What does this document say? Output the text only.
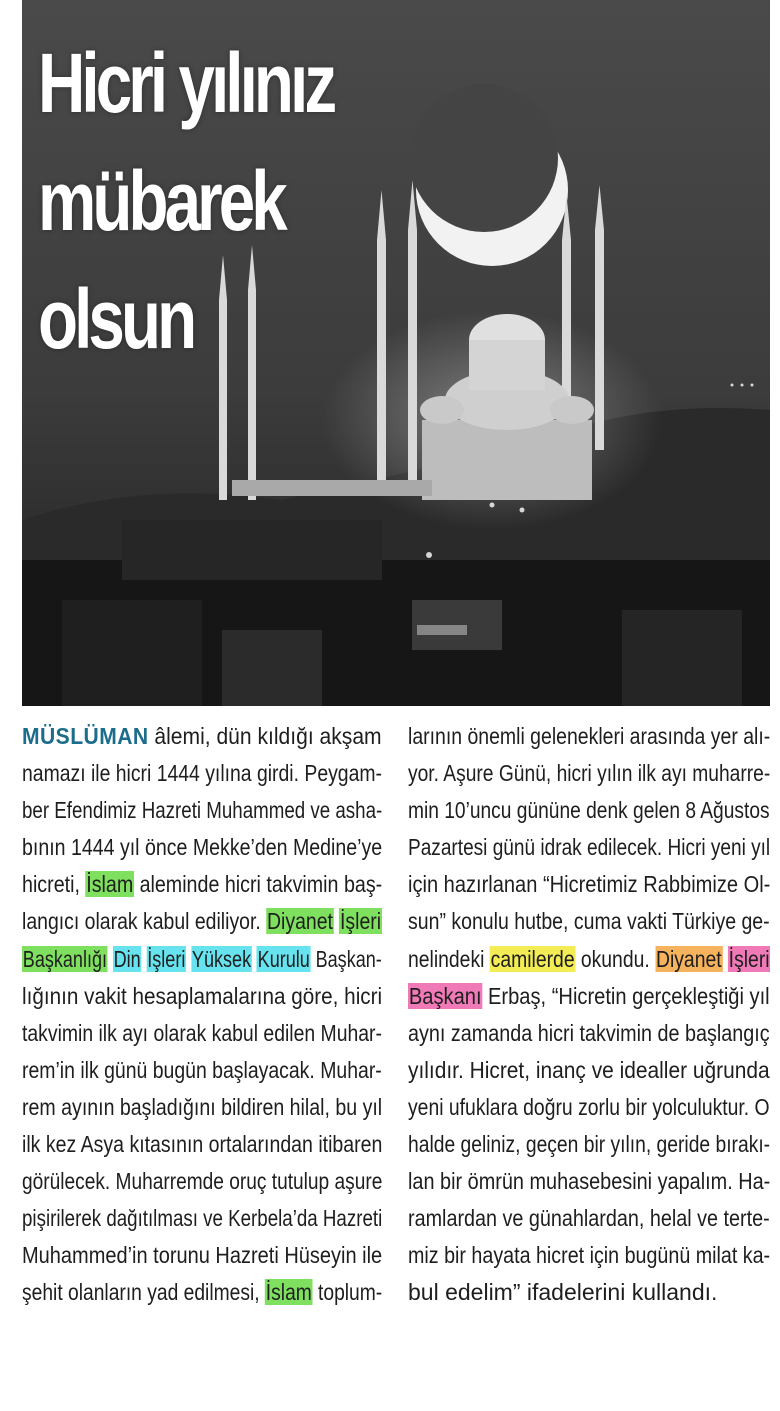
Hicri yılınız
mübarek
olsun
MÜSLÜMAN âlemi, dün kıldığı akşam
namazı ile hicri 1444 yılına girdi. Peygam-
ber Efendimiz Hazreti Muhammed ve asha-
bının 1444 yıl önce Mekke’den Medine’ye
hicreti, İslam aleminde hicri takvimin baş-
langıcı olarak kabul ediliyor. Diyanet İşleri
Başkanlığı Din İşleri Yüksek Kurulu Başkan-
lığının vakit hesaplamalarına göre, hicri
takvimin ilk ayı olarak kabul edilen Muhar-
rem’in ilk günü bugün başlayacak. Muhar-
rem ayının başladığını bildiren hilal, bu yıl
ilk kez Asya kıtasının ortalarından itibaren
görülecek. Muharremde oruç tutulup aşure
pişirilerek dağıtılması ve Kerbela’da Hazreti
Muhammed’in torunu Hazreti Hüseyin ile
şehit olanların yad edilmesi, İslam toplum-
larının önemli gelenekleri arasında yer alı-
yor. Aşure Günü, hicri yılın ilk ayı muharre-
min 10’uncu gününe denk gelen 8 Ağustos
Pazartesi günü idrak edilecek. Hicri yeni yıl
için hazırlanan “Hicretimiz Rabbimize Ol-
sun” konulu hutbe, cuma vakti Türkiye ge-
nelindeki camilerde okundu. Diyanet İşleri
Başkanı Erbaş, “Hicretin gerçekleştiği yıl
aynı zamanda hicri takvimin de başlangıç
yılıdır. Hicret, inanç ve idealler uğrunda
yeni ufuklara doğru zorlu bir yolculuktur. O
halde geliniz, geçen bir yılın, geride bırakı-
lan bir ömrün muhasebesini yapalım. Ha-
ramlardan ve günahlardan, helal ve terte-
miz bir hayata hicret için bugünü milat ka-
bul edelim” ifadelerini kullandı.
